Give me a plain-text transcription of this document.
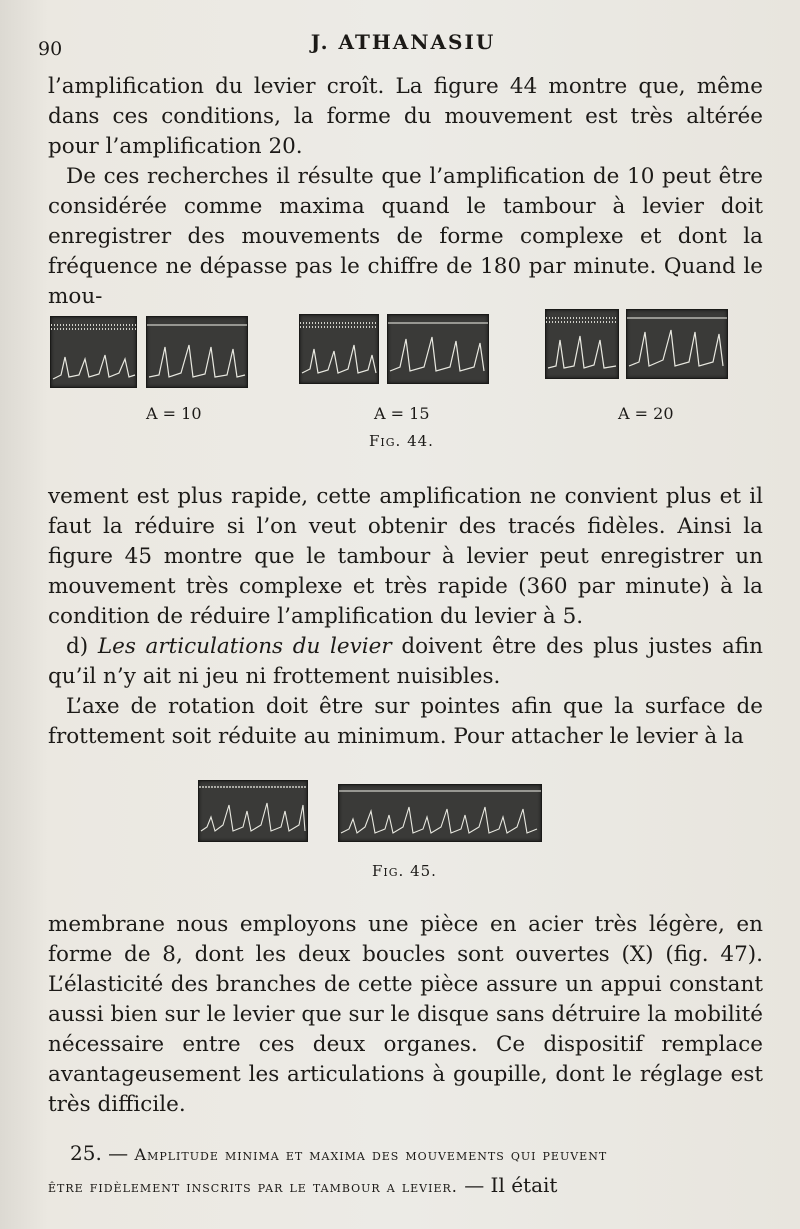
90	J. ATHANASIU

l’amplification du levier croît. La figure 44 montre que, même dans ces conditions, la forme du mouvement est très altérée pour l’amplification 20.

De ces recherches il résulte que l’amplification de 10 peut être considérée comme maxima quand le tambour à levier doit enregistrer des mouvements de forme complexe et dont la fréquence ne dépasse pas le chiffre de 180 par minute. Quand le mou-

A = 10	A = 15	A = 20
Fig. 44.

vement est plus rapide, cette amplification ne convient plus et il faut la réduire si l’on veut obtenir des tracés fidèles. Ainsi la figure 45 montre que le tambour à levier peut enregistrer un mouvement très complexe et très rapide (360 par minute) à la condition de réduire l’amplification du levier à 5.

d) Les articulations du levier doivent être des plus justes afin qu’il n’y ait ni jeu ni frottement nuisibles.

L’axe de rotation doit être sur pointes afin que la surface de frottement soit réduite au minimum. Pour attacher le levier à la

Fig. 45.

membrane nous employons une pièce en acier très légère, en forme de 8, dont les deux boucles sont ouvertes (X) (fig. 47). L’élasticité des branches de cette pièce assure un appui constant aussi bien sur le levier que sur le disque sans détruire la mobilité nécessaire entre ces deux organes. Ce dispositif remplace avantageusement les articulations à goupille, dont le réglage est très difficile.

25. — Amplitude minima et maxima des mouvements qui peuvent
être fidèlement inscrits par le tambour a levier. — Il était
